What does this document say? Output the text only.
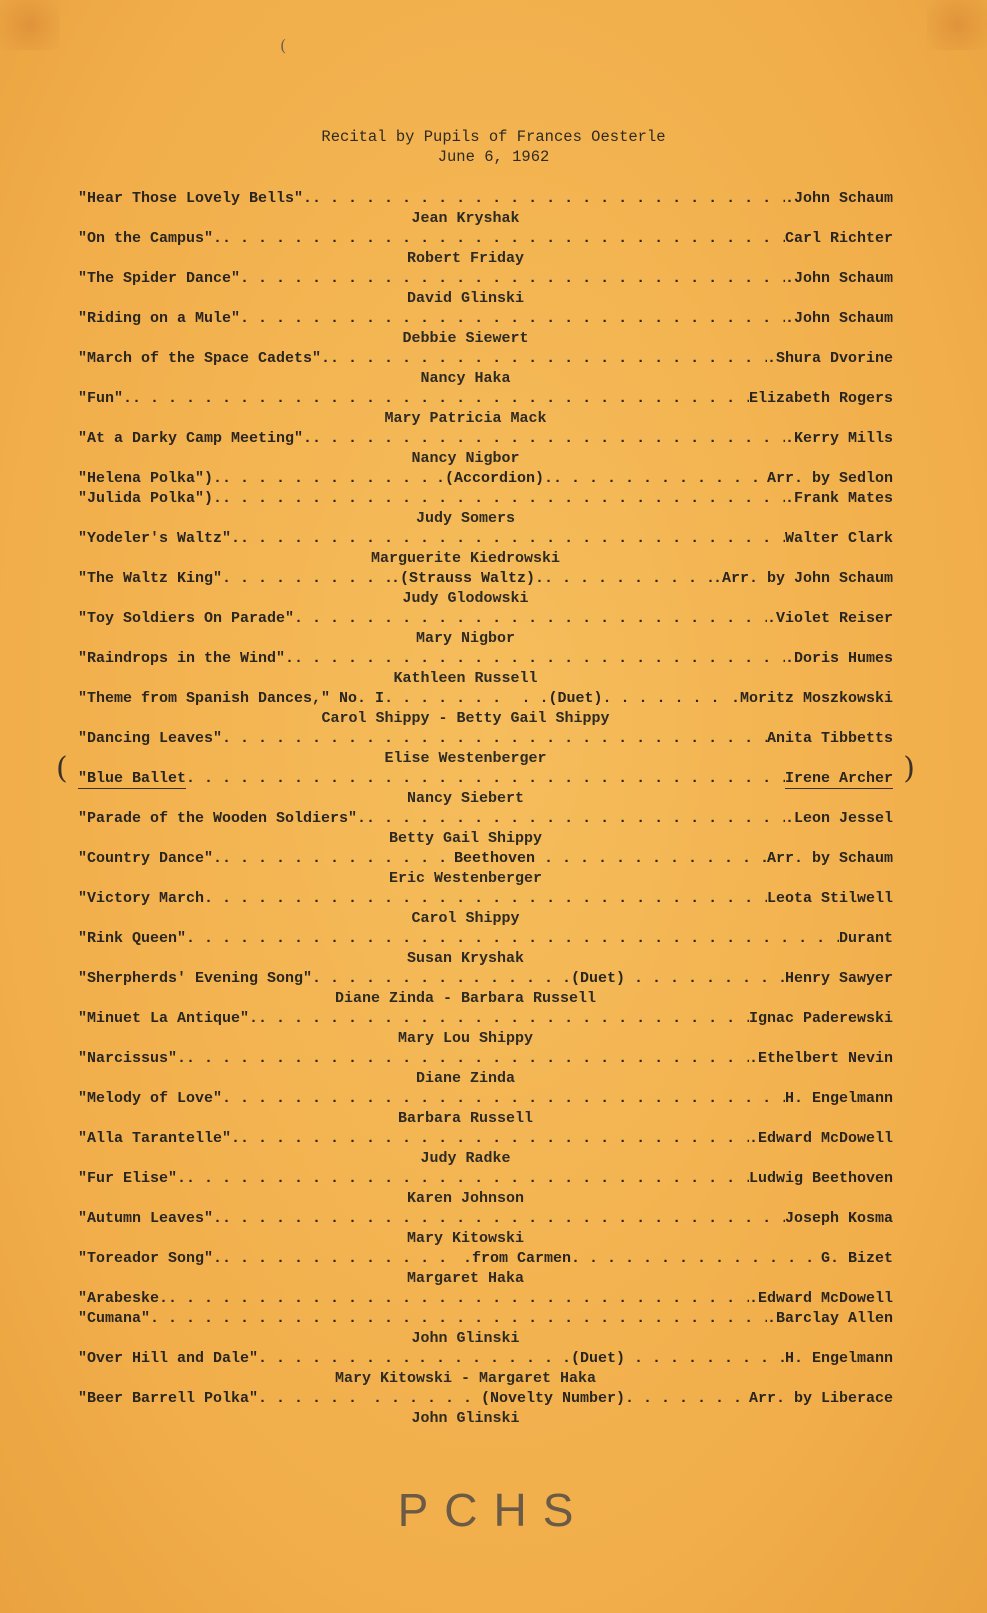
(
Recital by Pupils of Frances Oesterle
June 6, 1962
"Hear Those Lovely Bells". . . .	.John Schaum
Jean Kryshak
"On the Campus". . . .	Carl Richter
Robert Friday
"The Spider Dance" . . .	.John Schaum
David Glinski
"Riding on a Mule" . . .	.John Schaum
Debbie Siewert
"March of the Space Cadets". . . .	.Shura Dvorine
Nancy Haka
"Fun". . . .	Elizabeth Rogers
Mary Patricia Mack
"At a Darky Camp Meeting". . . .	.Kerry Mills
Nancy Nigbor
"Helena Polka"). . . .	.(Accordion). . . .	Arr. by Sedlon
"Julida Polka"). . . .	.Frank Mates
Judy Somers
"Yodeler's Waltz". . . .	Walter Clark
Marguerite Kiedrowski
"The Waltz King" . . .	.(Strauss Waltz). . . .	.Arr. by John Schaum
Judy Glodowski
"Toy Soldiers On Parade" . . .	.Violet Reiser
Mary Nigbor
"Raindrops in the Wind". . . .	.Doris Humes
Kathleen Russell
"Theme from Spanish Dances," No. I . . .	. .(Duet) . . .	.Moritz Moszkowski
Carol Shippy - Betty Gail Shippy
"Dancing Leaves" . . .	Anita Tibbetts
Elise Westenberger
"Blue Ballet . . .	Irene Archer
(	)
Nancy Siebert
"Parade of the Wooden Soldiers". . . .	.Leon Jessel
Betty Gail Shippy
"Country Dance". . . .	Beethoven . . .	Arr. by Schaum
Eric Westenberger
"Victory March . . .	Leota Stilwell
Carol Shippy
"Rink Queen" . . .	Durant
Susan Kryshak
"Sherpherds' Evening Song" . . .	. . . . . .(Duet) . . .	Henry Sawyer
Diane Zinda - Barbara Russell
"Minuet La Antique". . . .	Ignac Paderewski
Mary Lou Shippy
"Narcissus". . . .	.Ethelbert Nevin
Diane Zinda
"Melody of Love" . . .	H. Engelmann
Barbara Russell
"Alla Tarantelle". . . .	.Edward McDowell
Judy Radke
"Fur Elise". . . .	Ludwig Beethoven
Karen Johnson
"Autumn Leaves". . . .	Joseph Kosma
Mary Kitowski
"Toreador Song". . . .	.from Carmen. . . .	G. Bizet
Margaret Haka
"Arabeske. . . .	.Edward McDowell
"Cumana" . . .	.Barclay Allen
John Glinski
"Over Hill and Dale" . . .	. . . . . . . . .(Duet) . . .	H. Engelmann
Mary Kitowski - Margaret Haka
"Beer Barrell Polka" . . .	. . . . . . (Novelty Number). . . .	Arr. by Liberace
John Glinski
PCHS
